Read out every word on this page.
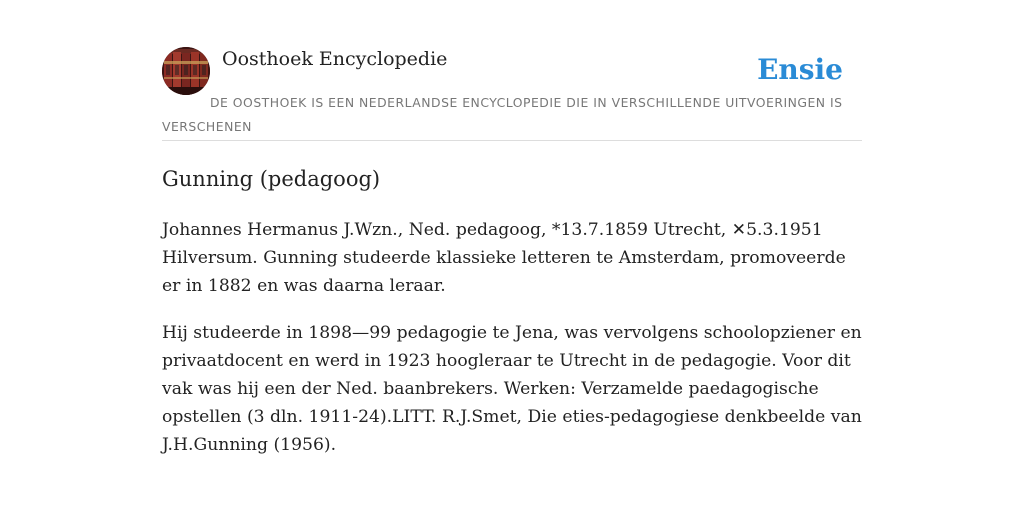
Oosthoek Encyclopedie	Ensie
DE OOSTHOEK IS EEN NEDERLANDSE ENCYCLOPEDIE DIE IN VERSCHILLENDE UITVOERINGEN IS VERSCHENEN
Gunning (pedagoog)

Johannes Hermanus J.Wzn., Ned. pedagoog, *13.7.1859 Utrecht, ✕5.3.1951 Hilversum. Gunning studeerde klassieke letteren te Amsterdam, promoveerde er in 1882 en was daarna leraar.

Hij studeerde in 1898—99 pedagogie te Jena, was vervolgens schoolopziener en privaatdocent en werd in 1923 hoogleraar te Utrecht in de pedagogie. Voor dit vak was hij een der Ned. baanbrekers. Werken: Verzamelde paedagogische opstellen (3 dln. 1911-24).LITT. R.J.Smet, Die eties-pedagogiese denkbeelde van J.H.Gunning (1956).
